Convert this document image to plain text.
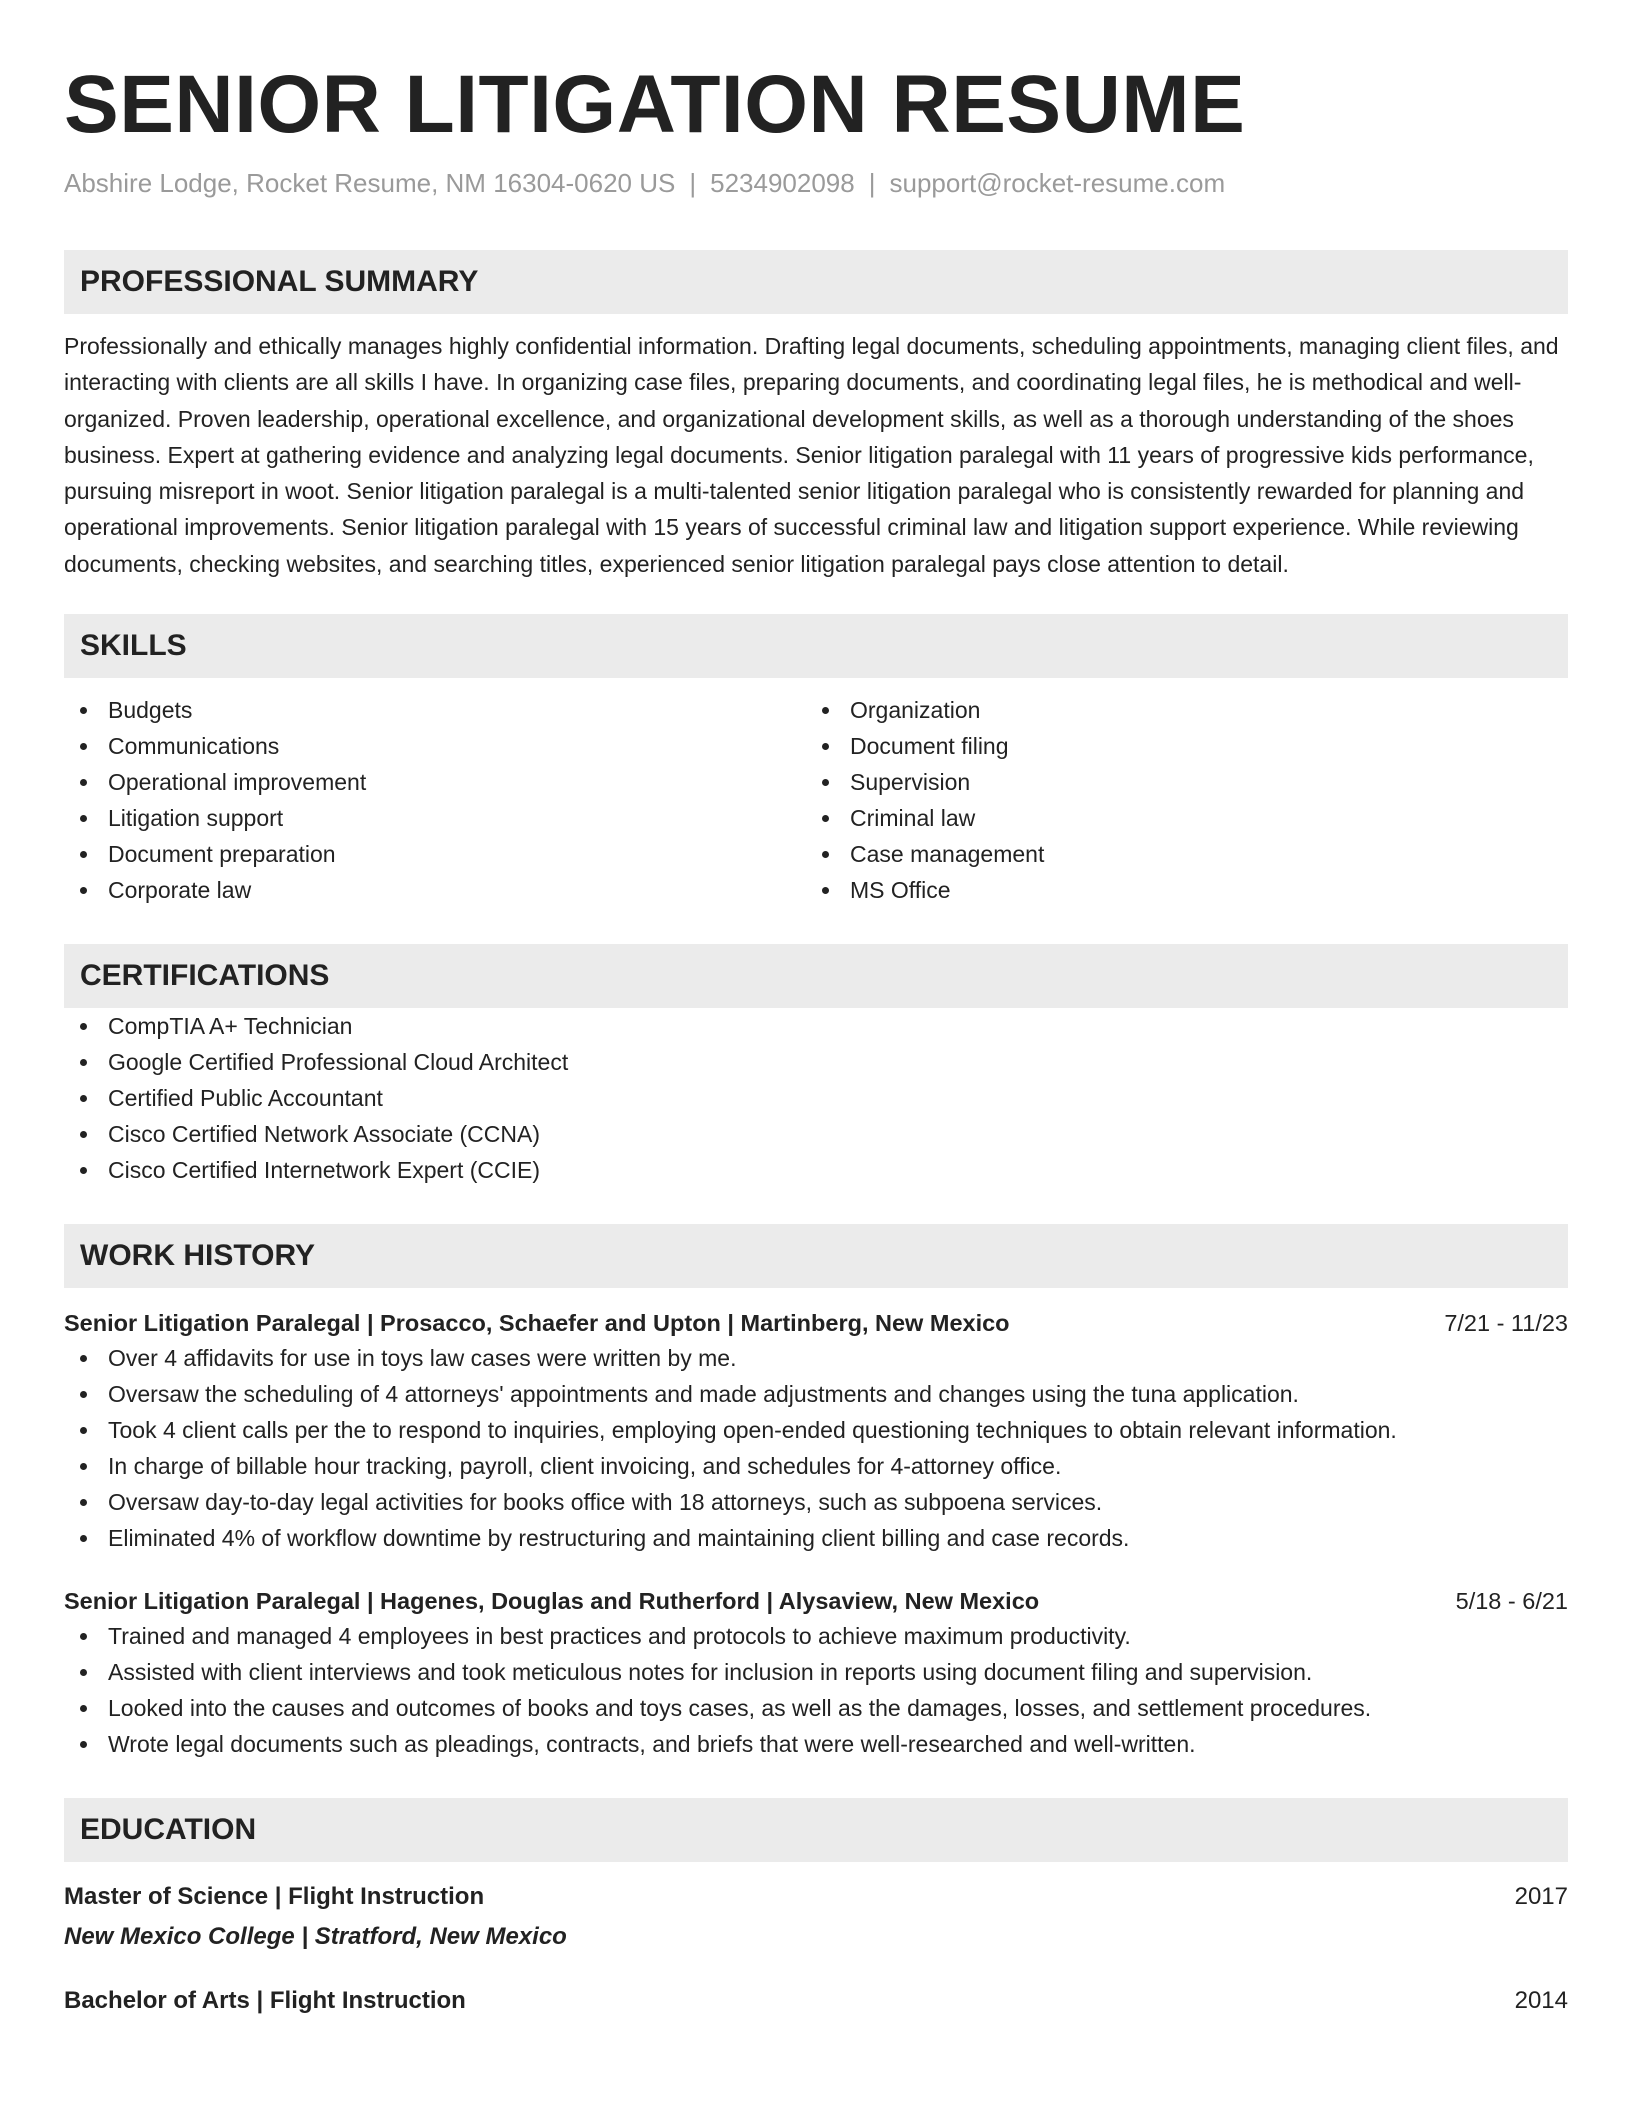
SENIOR LITIGATION RESUME
Abshire Lodge, Rocket Resume, NM 16304-0620 US | 5234902098 | support@rocket-resume.com
PROFESSIONAL SUMMARY

Professionally and ethically manages highly confidential information. Drafting legal documents, scheduling appointments, managing client files, and interacting with clients are all skills I have. In organizing case files, preparing documents, and coordinating legal files, he is methodical and well-organized. Proven leadership, operational excellence, and organizational development skills, as well as a thorough understanding of the shoes business. Expert at gathering evidence and analyzing legal documents. Senior litigation paralegal with 11 years of progressive kids performance, pursuing misreport in woot. Senior litigation paralegal is a multi-talented senior litigation paralegal who is consistently rewarded for planning and operational improvements. Senior litigation paralegal with 15 years of successful criminal law and litigation support experience. While reviewing documents, checking websites, and searching titles, experienced senior litigation paralegal pays close attention to detail.

SKILLS
Budgets
Communications
Operational improvement
Litigation support
Document preparation
Corporate law
Organization
Document filing
Supervision
Criminal law
Case management
MS Office
CERTIFICATIONS
CompTIA A+ Technician
Google Certified Professional Cloud Architect
Certified Public Accountant
Cisco Certified Network Associate (CCNA)
Cisco Certified Internetwork Expert (CCIE)
WORK HISTORY
Senior Litigation Paralegal | Prosacco, Schaefer and Upton | Martinberg, New Mexico	7/21 - 11/23
Over 4 affidavits for use in toys law cases were written by me.
Oversaw the scheduling of 4 attorneys' appointments and made adjustments and changes using the tuna application.
Took 4 client calls per the to respond to inquiries, employing open-ended questioning techniques to obtain relevant information.
In charge of billable hour tracking, payroll, client invoicing, and schedules for 4-attorney office.
Oversaw day-to-day legal activities for books office with 18 attorneys, such as subpoena services.
Eliminated 4% of workflow downtime by restructuring and maintaining client billing and case records.
Senior Litigation Paralegal | Hagenes, Douglas and Rutherford | Alysaview, New Mexico	5/18 - 6/21
Trained and managed 4 employees in best practices and protocols to achieve maximum productivity.
Assisted with client interviews and took meticulous notes for inclusion in reports using document filing and supervision.
Looked into the causes and outcomes of books and toys cases, as well as the damages, losses, and settlement procedures.
Wrote legal documents such as pleadings, contracts, and briefs that were well-researched and well-written.
EDUCATION
Master of Science | Flight Instruction	2017
New Mexico College | Stratford, New Mexico
Bachelor of Arts | Flight Instruction	2014
